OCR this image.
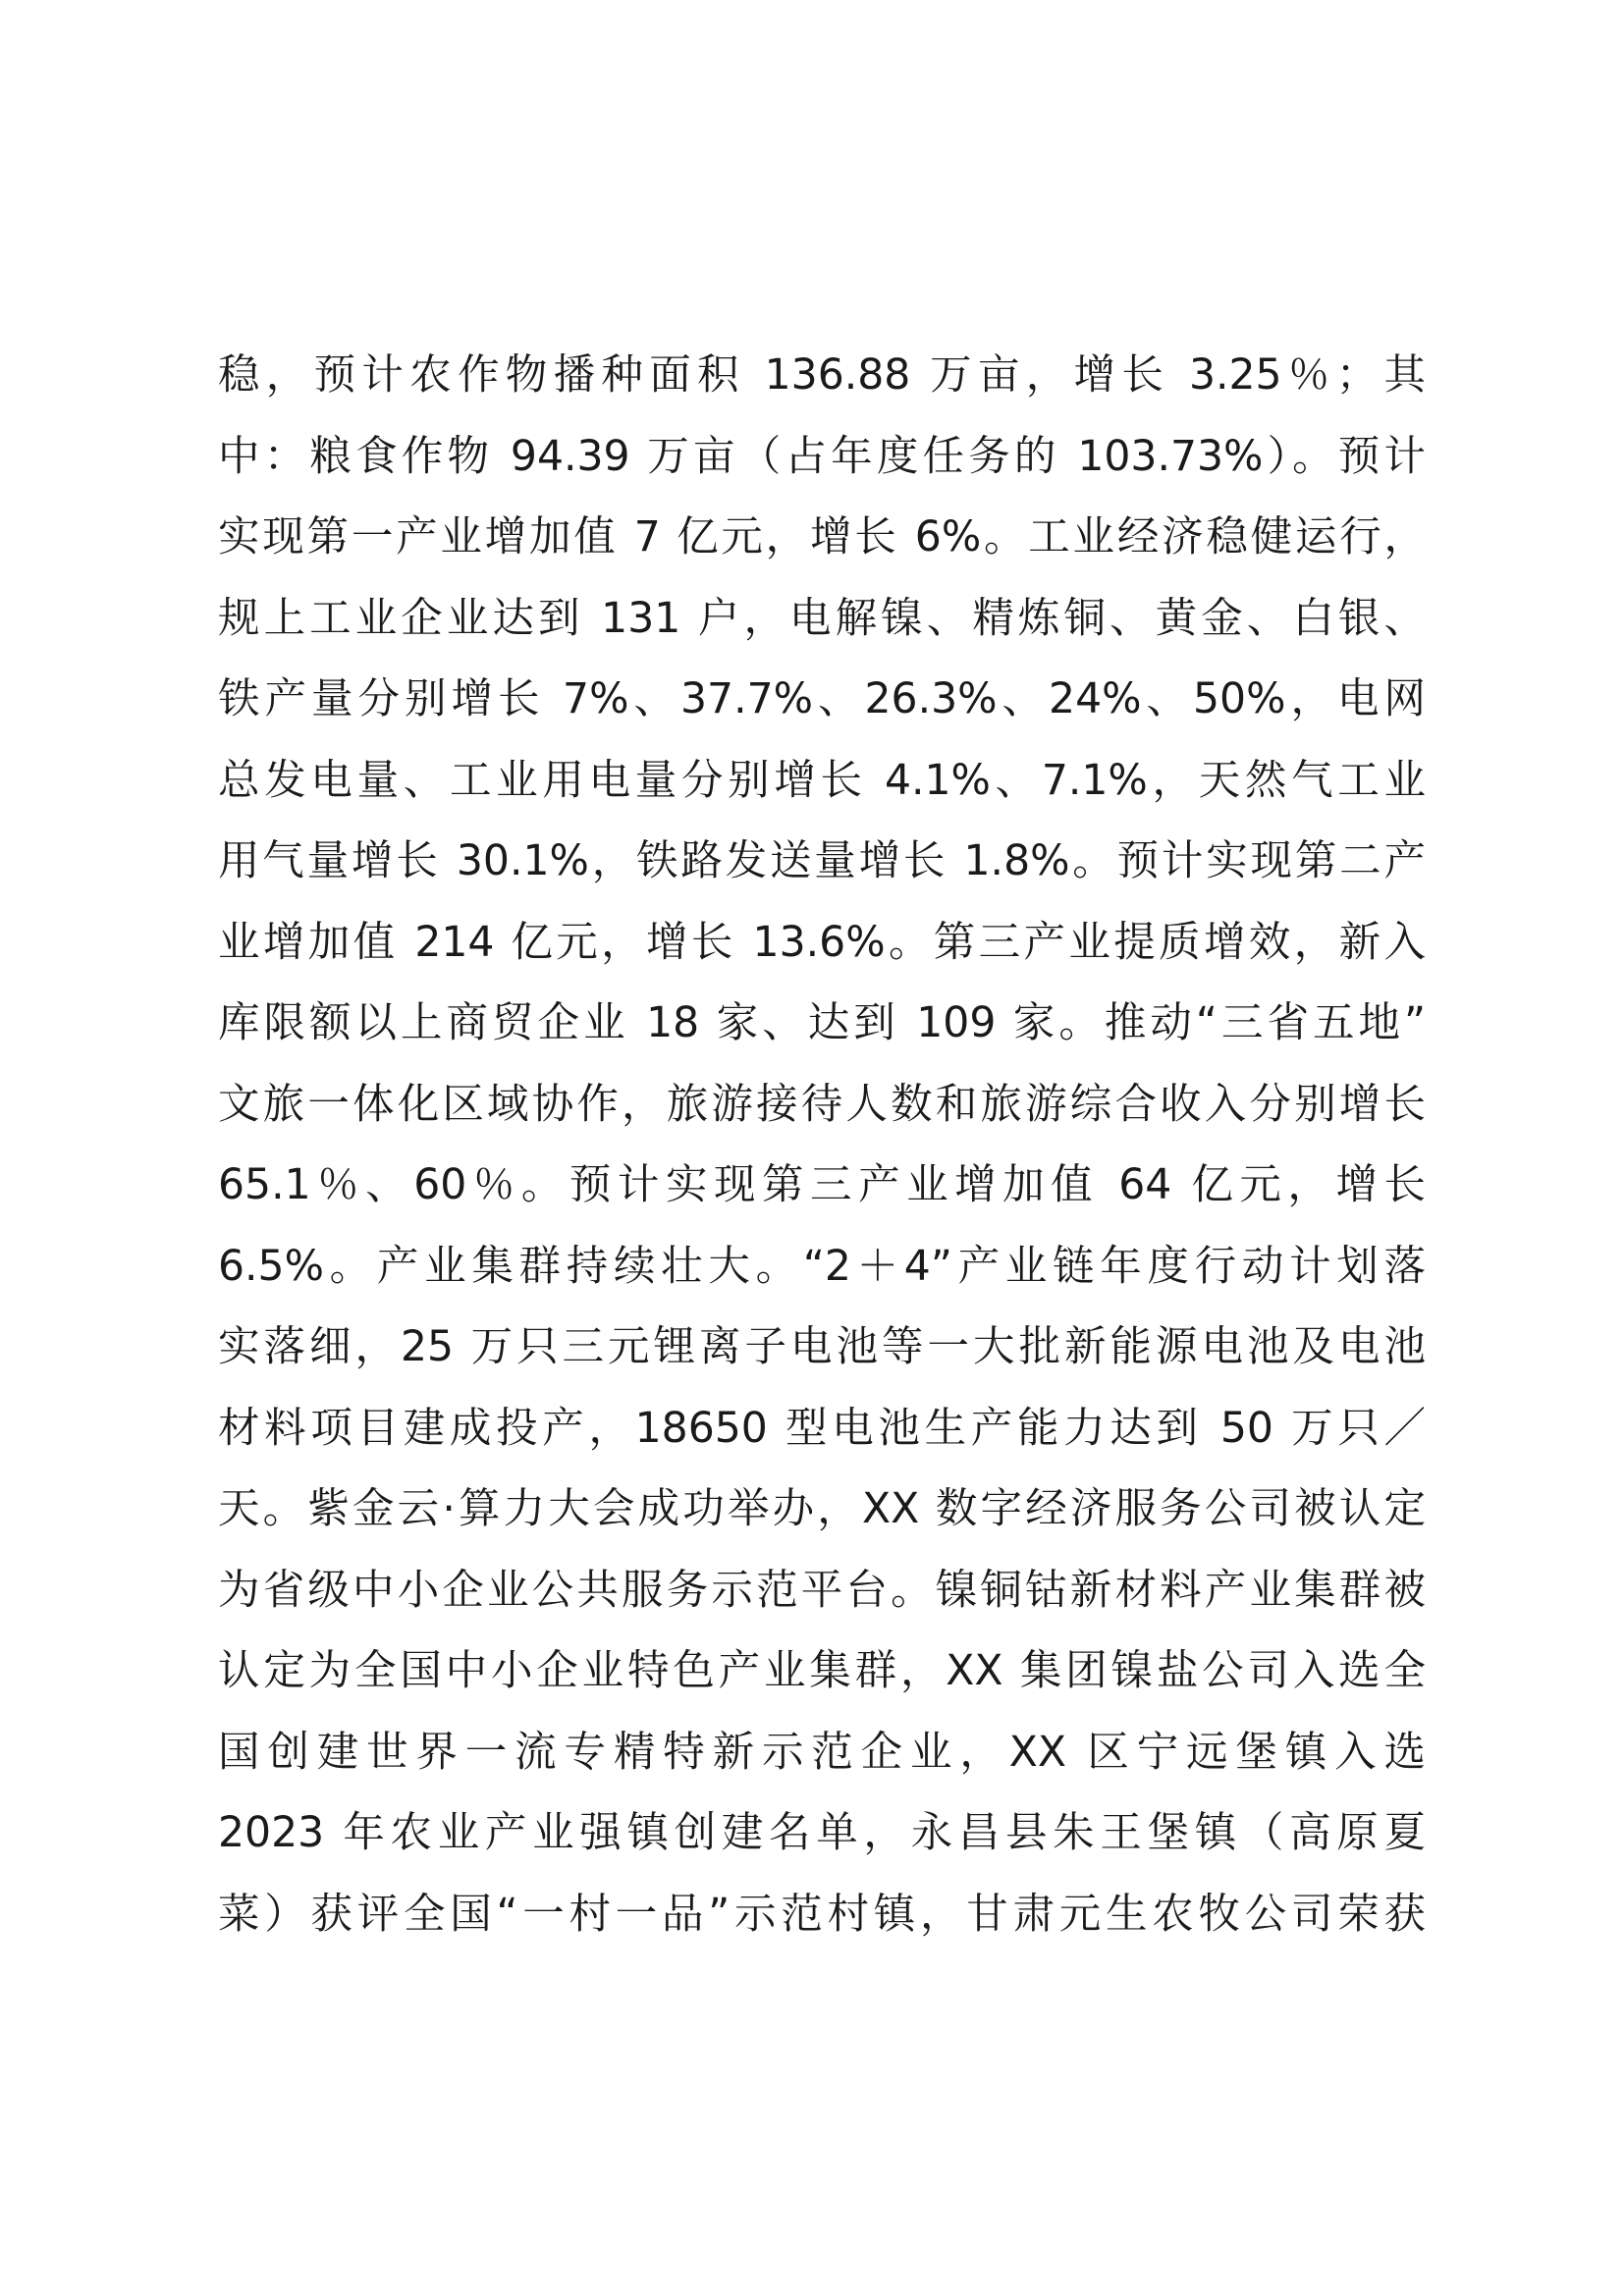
稳，预计农作物播种面积 136.88 万亩，增长 3.25％；其
中：粮食作物 94.39 万亩（占年度任务的 103.73%）。预计
实现第一产业增加值 7 亿元，增长 6%。工业经济稳健运行，
规上工业企业达到 131 户，电解镍、精炼铜、黄金、白银、
铁产量分别增长 7%、37.7%、26.3%、24%、50%，电网
总发电量、工业用电量分别增长 4.1%、7.1%，天然气工业
用气量增长 30.1%，铁路发送量增长 1.8%。预计实现第二产
业增加值 214 亿元，增长 13.6%。第三产业提质增效，新入
库限额以上商贸企业 18 家、达到 109 家。推动“三省五地”
文旅一体化区域协作，旅游接待人数和旅游综合收入分别增长
65.1％、60％。预计实现第三产业增加值 64 亿元，增长
6.5%。产业集群持续壮大。“2＋4”产业链年度行动计划落
实落细，25 万只三元锂离子电池等一大批新能源电池及电池
材料项目建成投产，18650 型电池生产能力达到 50 万只／
天。紫金云·算力大会成功举办，XX 数字经济服务公司被认定
为省级中小企业公共服务示范平台。镍铜钴新材料产业集群被
认定为全国中小企业特色产业集群，XX 集团镍盐公司入选全
国创建世界一流专精特新示范企业，XX 区宁远堡镇入选
2023 年农业产业强镇创建名单，永昌县朱王堡镇（高原夏
菜）获评全国“一村一品”示范村镇，甘肃元生农牧公司荣获
